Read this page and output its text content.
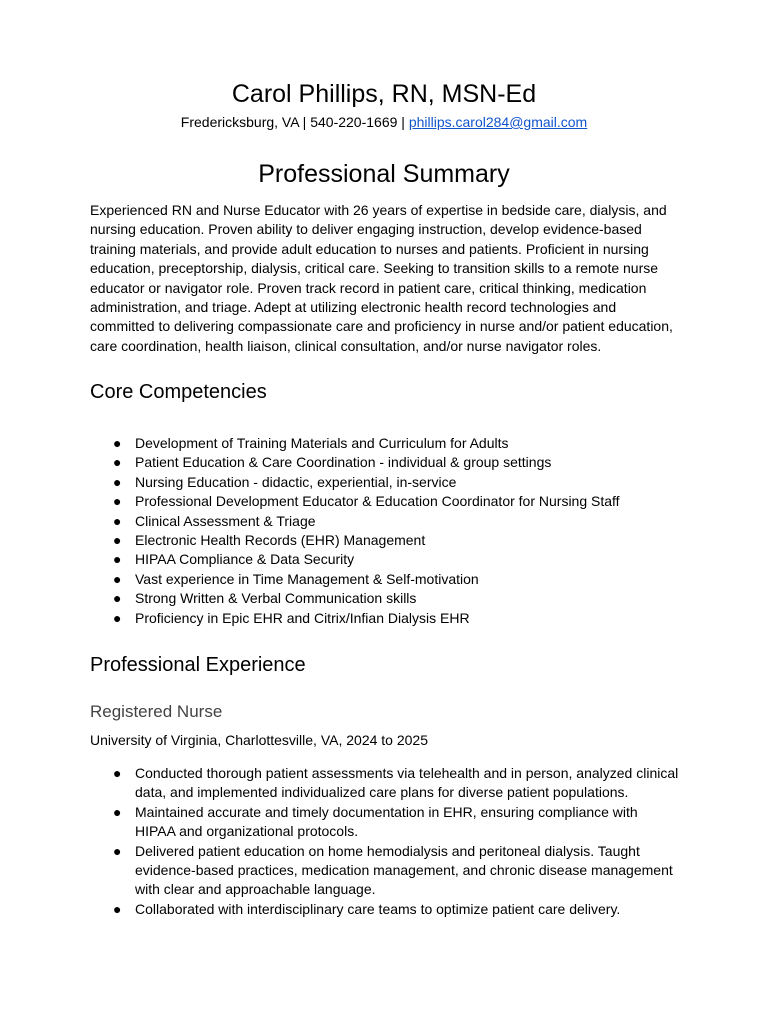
Carol Phillips, RN, MSN-Ed
Fredericksburg, VA | 540-220-1669 | phillips.carol284@gmail.com
Professional Summary

Experienced RN and Nurse Educator with 26 years of expertise in bedside care, dialysis, and nursing education. Proven ability to deliver engaging instruction, develop evidence-based training materials, and provide adult education to nurses and patients. Proficient in nursing education, preceptorship, dialysis, critical care. Seeking to transition skills to a remote nurse educator or navigator role. Proven track record in patient care, critical thinking, medication administration, and triage. Adept at utilizing electronic health record technologies and committed to delivering compassionate care and proficiency in nurse and/or patient education, care coordination, health liaison, clinical consultation, and/or nurse navigator roles.

Core Competencies
● Development of Training Materials and Curriculum for Adults
● Patient Education & Care Coordination - individual & group settings
● Nursing Education - didactic, experiential, in-service
● Professional Development Educator & Education Coordinator for Nursing Staff
● Clinical Assessment & Triage
● Electronic Health Records (EHR) Management
● HIPAA Compliance & Data Security
● Vast experience in Time Management & Self-motivation
● Strong Written & Verbal Communication skills
● Proficiency in Epic EHR and Citrix/Infian Dialysis EHR
Professional Experience
Registered Nurse
University of Virginia, Charlottesville, VA, 2024 to 2025
● Conducted thorough patient assessments via telehealth and in person, analyzed clinical data, and implemented individualized care plans for diverse patient populations.
● Maintained accurate and timely documentation in EHR, ensuring compliance with HIPAA and organizational protocols.
● Delivered patient education on home hemodialysis and peritoneal dialysis. Taught evidence-based practices, medication management, and chronic disease management with clear and approachable language.
● Collaborated with interdisciplinary care teams to optimize patient care delivery.
